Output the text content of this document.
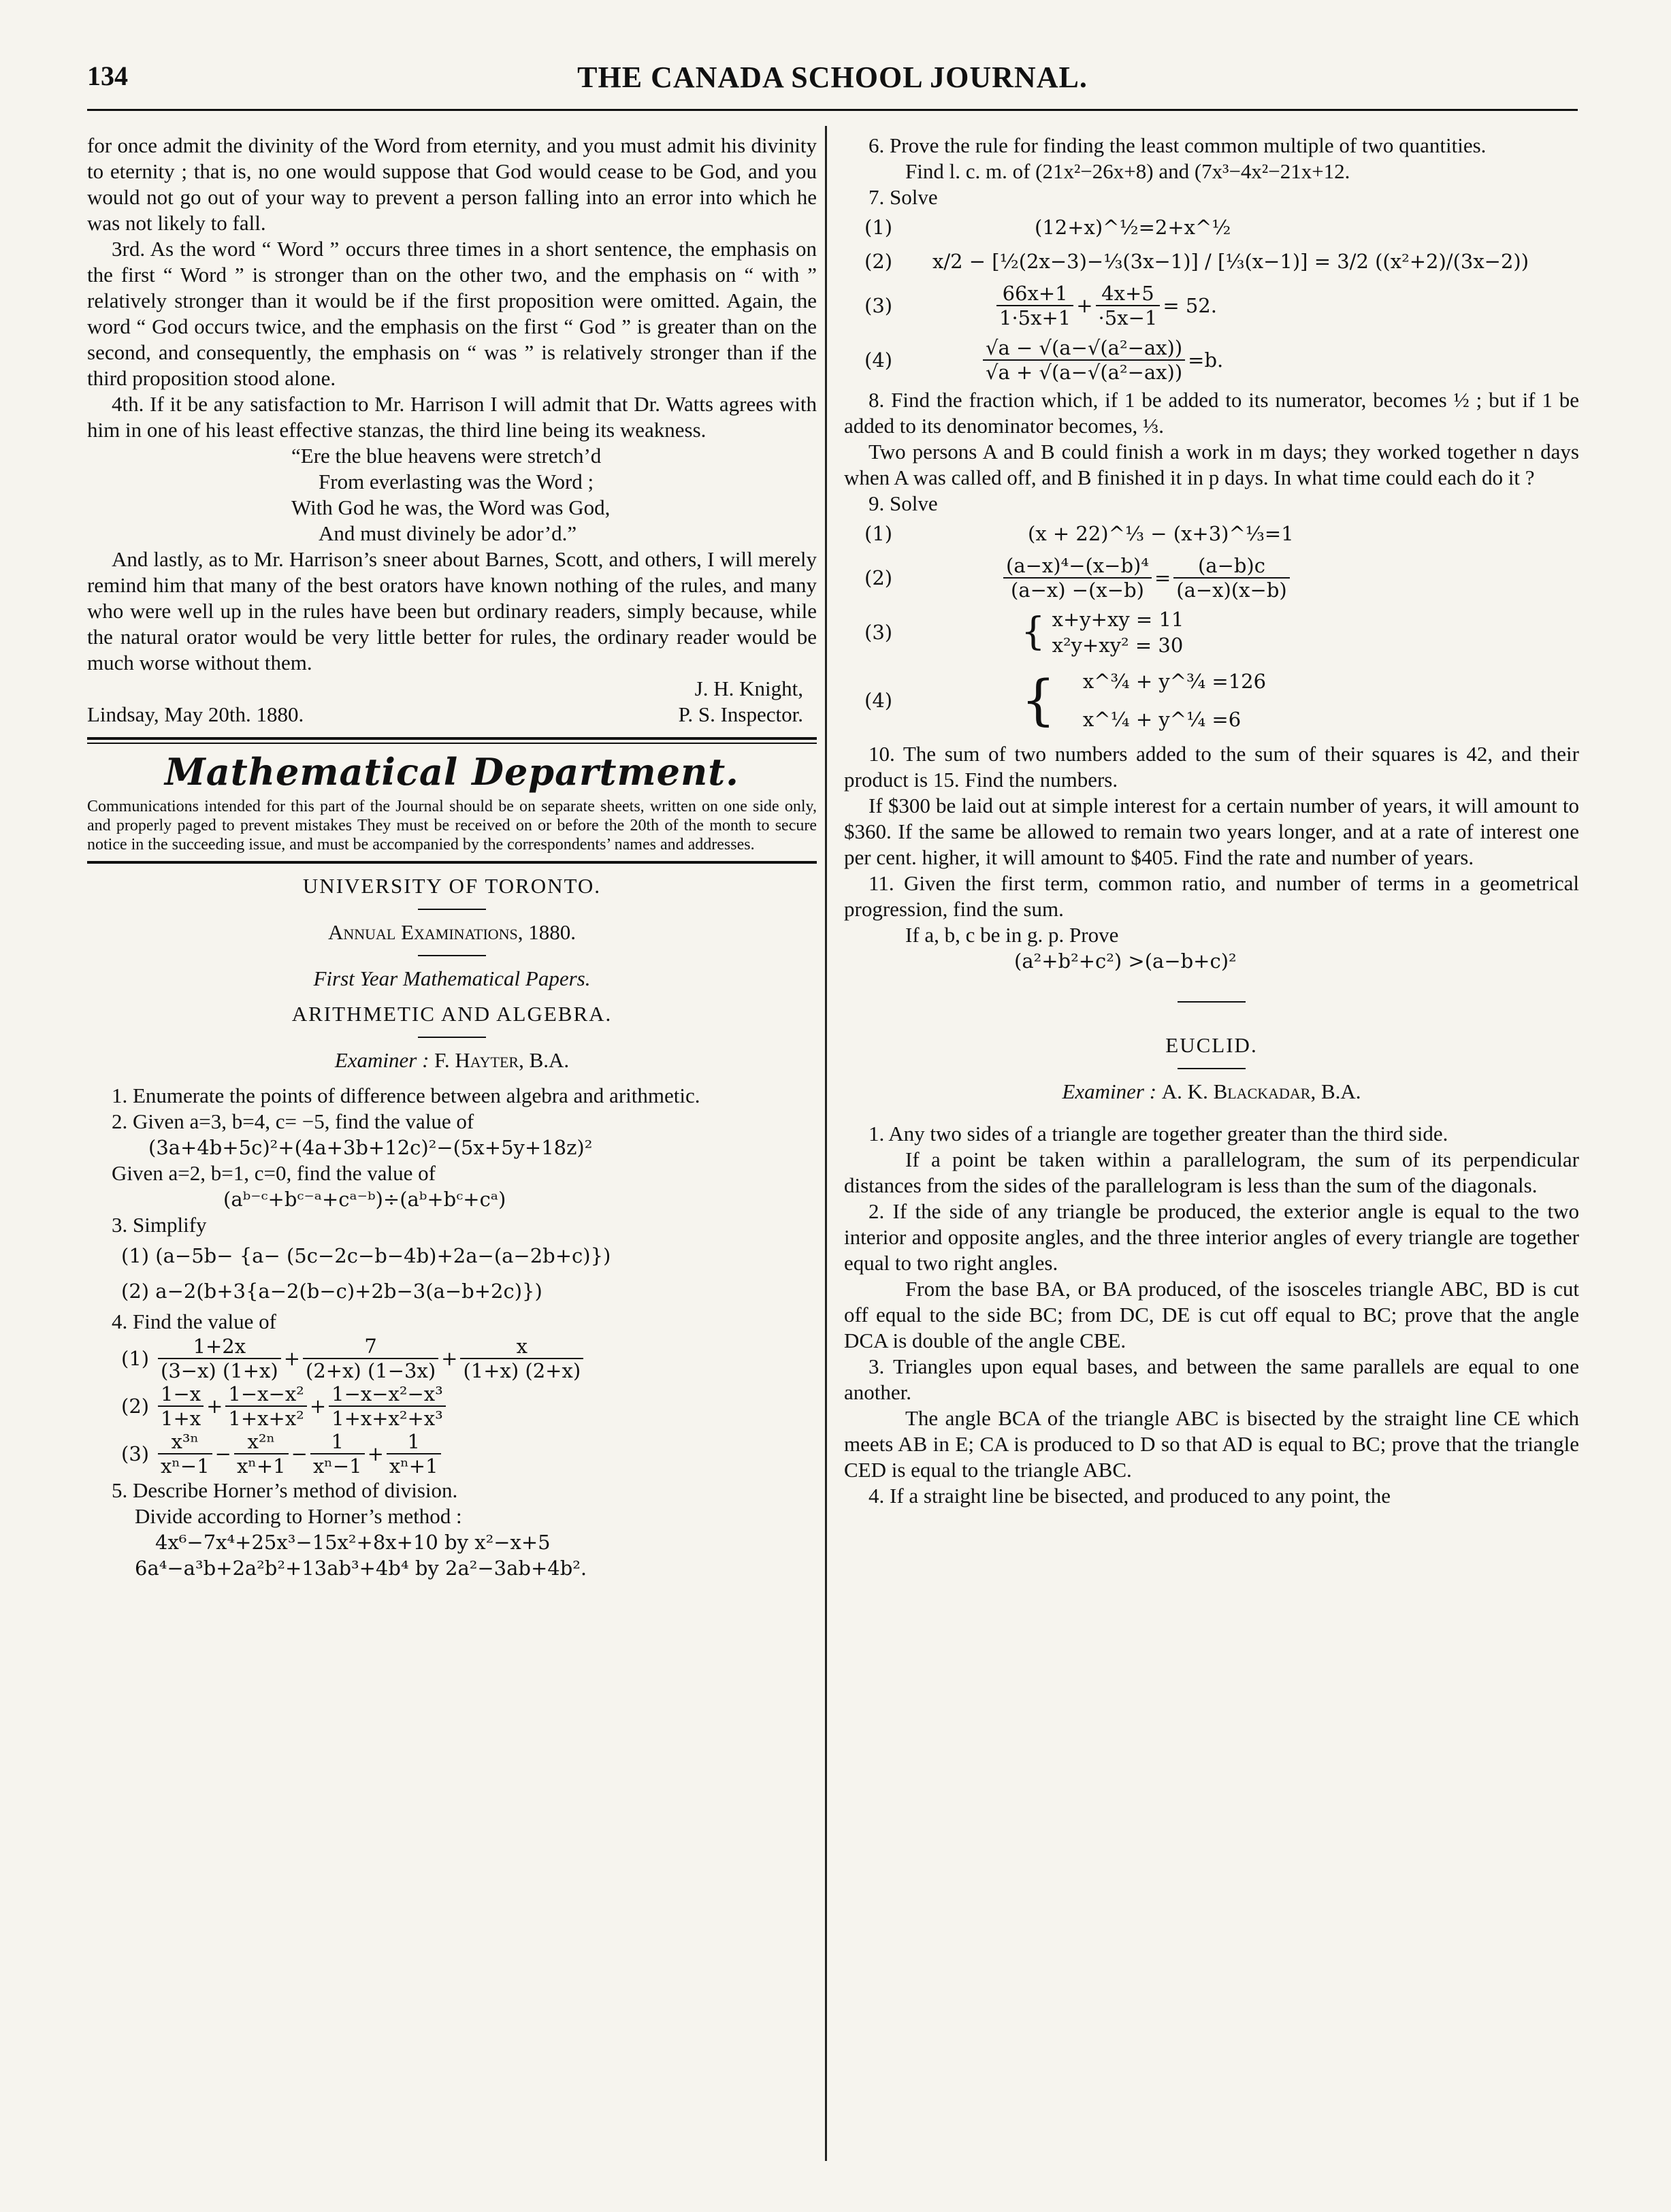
134	THE CANADA SCHOOL JOURNAL.

for once admit the divinity of the Word from eternity, and you must admit his divinity to eternity ; that is, no one would suppose that God would cease to be God, and you would not go out of your way to prevent a person falling into an error into which he was not likely to fall.

3rd. As the word “ Word ” occurs three times in a short sentence, the emphasis on the first “ Word ” is stronger than on the other two, and the emphasis on “ with ” relatively stronger than it would be if the first proposition were omitted. Again, the word “ God occurs twice, and the emphasis on the first “ God ” is greater than on the second, and consequently, the emphasis on “ was ” is relatively stronger than if the third proposition stood alone.

4th. If it be any satisfaction to Mr. Harrison I will admit that Dr. Watts agrees with him in one of his least effective stanzas, the third line being its weakness.

“Ere the blue heavens were stretch’d
From everlasting was the Word ;
With God he was, the Word was God,
And must divinely be ador’d.”

And lastly, as to Mr. Harrison’s sneer about Barnes, Scott, and others, I will merely remind him that many of the best orators have known nothing of the rules, and many who were well up in the rules have been but ordinary readers, simply because, while the natural orator would be very little better for rules, the ordinary reader would be much worse without them.

J. H. Knight,
Lindsay, May 20th. 1880.	P. S. Inspector.
Mathematical Department.
Communications intended for this part of the Journal should be on separate sheets, written on one side only, and properly paged to prevent mistakes They must be received on or before the 20th of the month to secure notice in the succeeding issue, and must be accompanied by the correspondents’ names and addresses.
UNIVERSITY OF TORONTO.
Annual Examinations, 1880.
First Year Mathematical Papers.
ARITHMETIC AND ALGEBRA.
Examiner : F. Hayter, B.A.

1. Enumerate the points of difference between algebra and arithmetic.

2. Given a=3, b=4, c= −5, find the value of

(3a+4b+5c)²+(4a+3b+12c)²−(5x+5y+18z)²
Given a=2, b=1, c=0, find the value of
(aᵇ⁻ᶜ+bᶜ⁻ᵃ+cᵃ⁻ᵇ)÷(aᵇ+bᶜ+cᵃ)

3. Simplify

(1) (a−5b− {a− (5c−2c−b−4b)+2a−(a−2b+c)})
(2) a−2(b+3{a−2(b−c)+2b−3(a−b+2c)})

4. Find the value of

$(1) \frac{1+2x}{(3-x) (1+x)} + \frac{7}{(2+x) (1-3x)} + \frac{x}{(1+x) (2+x)}$
$(2) \frac{1-x}{1+x} + \frac{\text{1−x−x²}}{\text{1+x+x²}} + \frac{\text{1−x−x²−x³}}{\text{1+x+x²+x³}}$
$(3) \frac{\text{x³ⁿ}}{\text{xⁿ−1}} - \frac{\text{x²ⁿ}}{\text{xⁿ+1}} - \frac{1}{\text{xⁿ−1}} + \frac{1}{\text{xⁿ+1}}$

5. Describe Horner’s method of division.

Divide according to Horner’s method :
4x⁶−7x⁴+25x³−15x²+8x+10 by x²−x+5
6a⁴−a³b+2a²b²+13ab³+4b⁴ by 2a²−3ab+4b².

6. Prove the rule for finding the least common multiple of two quantities.

Find l. c. m. of (21x²−26x+8) and (7x³−4x²−21x+12.

7. Solve

(1)	(12+x)^½=2+x^½
(2)	x/2 − [½(2x−3)−⅓(3x−1)] / [⅓(x−1)] = 3/2 ((x²+2)/(3x−2))
(3)	$\frac{66x+1}{1\cdot 5x+1} + \frac{4x+5}{\cdot 5x-1} = 52$.
(4)	$\frac{\text{√a − √(a−√(a²−ax))}}{\text{√a + √(a−√(a²−ax))}} =b$.

8. Find the fraction which, if 1 be added to its numerator, becomes ½ ; but if 1 be added to its denominator becomes, ⅓.

Two persons A and B could finish a work in m days; they worked together n days when A was called off, and B finished it in p days. In what time could each do it ?

9. Solve

(1)	(x + 22)^⅓ − (x+3)^⅓=1
(2)	$\frac{\text{(a−x)⁴−(x−b)⁴}}{(a-x) -(x-b)} = \frac{(a-b)c}{(a-x)(x-b)}$
(3)	{ x+y+xy = 11
x²y+xy² = 30
(4)	{ x^¾ + y^¾ =126
x^¼ + y^¼ =6

10. The sum of two numbers added to the sum of their squares is 42, and their product is 15. Find the numbers.

If $300 be laid out at simple interest for a certain number of years, it will amount to $360. If the same be allowed to remain two years longer, and at a rate of interest one per cent. higher, it will amount to $405. Find the rate and number of years.

11. Given the first term, common ratio, and number of terms in a geometrical progression, find the sum.

If a, b, c be in g. p. Prove
(a²+b²+c²) >(a−b+c)²
EUCLID.
Examiner : A. K. Blackadar, B.A.

1. Any two sides of a triangle are together greater than the third side.

If a point be taken within a parallelogram, the sum of its perpendicular distances from the sides of the parallelogram is less than the sum of the diagonals.

2. If the side of any triangle be produced, the exterior angle is equal to the two interior and opposite angles, and the three interior angles of every triangle are together equal to two right angles.

From the base BA, or BA produced, of the isosceles triangle ABC, BD is cut off equal to the side BC; from DC, DE is cut off equal to BC; prove that the angle DCA is double of the angle CBE.

3. Triangles upon equal bases, and between the same parallels are equal to one another.

The angle BCA of the triangle ABC is bisected by the straight line CE which meets AB in E; CA is produced to D so that AD is equal to BC; prove that the triangle CED is equal to the triangle ABC.

4. If a straight line be bisected, and produced to any point, the
